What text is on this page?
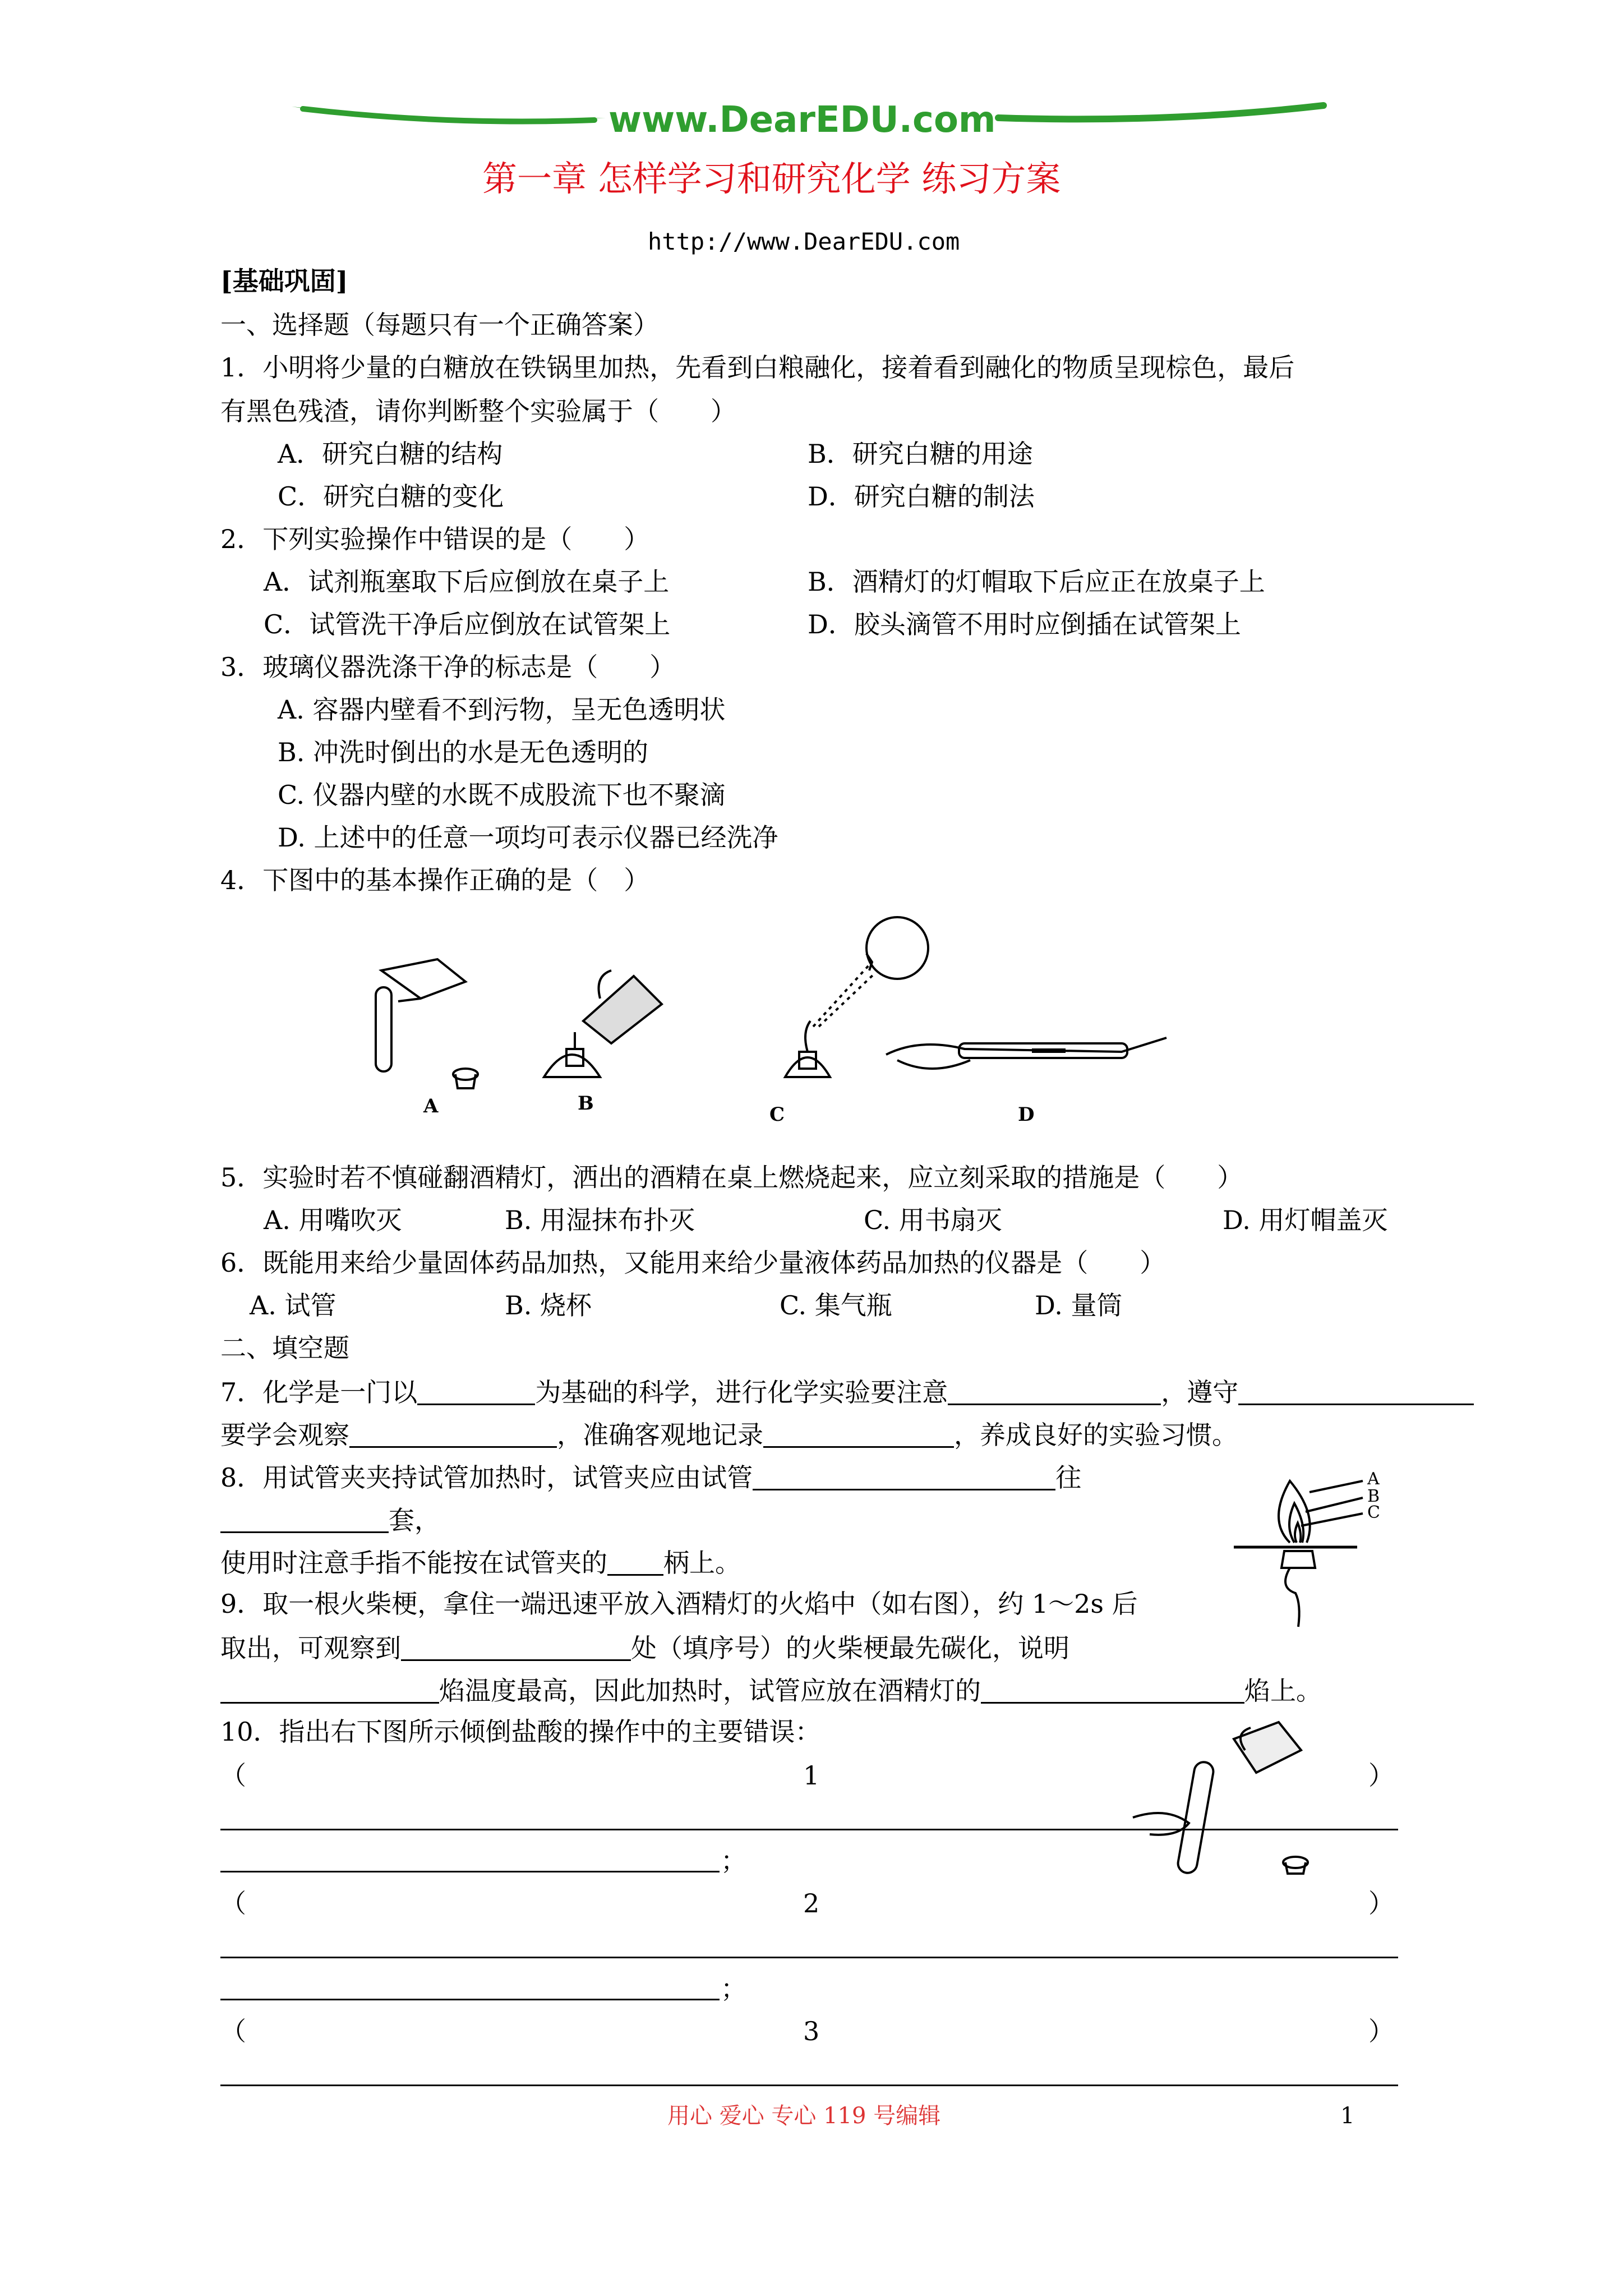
www.DearEDU.com
第一章 怎样学习和研究化学 练习方案
http://www.DearEDU.com
[基础巩固]
一、选择题（每题只有一个正确答案）
1．小明将少量的白糖放在铁锅里加热，先看到白粮融化，接着看到融化的物质呈现棕色，最后
有黑色残渣，请你判断整个实验属于（　　）
A．研究白糖的结构	B．研究白糖的用途
C．研究白糖的变化	D．研究白糖的制法
2．下列实验操作中错误的是（　　）
A．试剂瓶塞取下后应倒放在桌子上	B．酒精灯的灯帽取下后应正在放桌子上
C．试管洗干净后应倒放在试管架上	D．胶头滴管不用时应倒插在试管架上
3．玻璃仪器洗涤干净的标志是（　　）
A. 容器内壁看不到污物，呈无色透明状
B. 冲洗时倒出的水是无色透明的
C. 仪器内壁的水既不成股流下也不聚滴
D. 上述中的任意一项均可表示仪器已经洗净
4．下图中的基本操作正确的是（　）
A	B	C	D
5．实验时若不慎碰翻酒精灯，洒出的酒精在桌上燃烧起来，应立刻采取的措施是（　　）
A. 用嘴吹灭	B. 用湿抹布扑灭	C. 用书扇灭	D. 用灯帽盖灭
6．既能用来给少量固体药品加热，又能用来给少量液体药品加热的仪器是（　　）
A. 试管	B. 烧杯	C. 集气瓶	D. 量筒
二、填空题
7．化学是一门以	为基础的科学，进行化学实验要注意	，遵守
要学会观察	，准确客观地记录	，养成良好的实验习惯。
8．用试管夹夹持试管加热时，试管夹应由试管	往
套，
使用时注意手指不能按在试管夹的 柄上。
A
B
C
9．取一根火柴梗，拿住一端迅速平放入酒精灯的火焰中（如右图），约 1～2s 后
取出，可观察到	处（填序号）的火柴梗最先碳化，说明
焰温度最高，因此加热时，试管应放在酒精灯的	焰上。
10．指出右下图所示倾倒盐酸的操作中的主要错误：
（	1	）
；
（	2	）
；
（	3	）
用心 爱心 专心 119 号编辑	1
